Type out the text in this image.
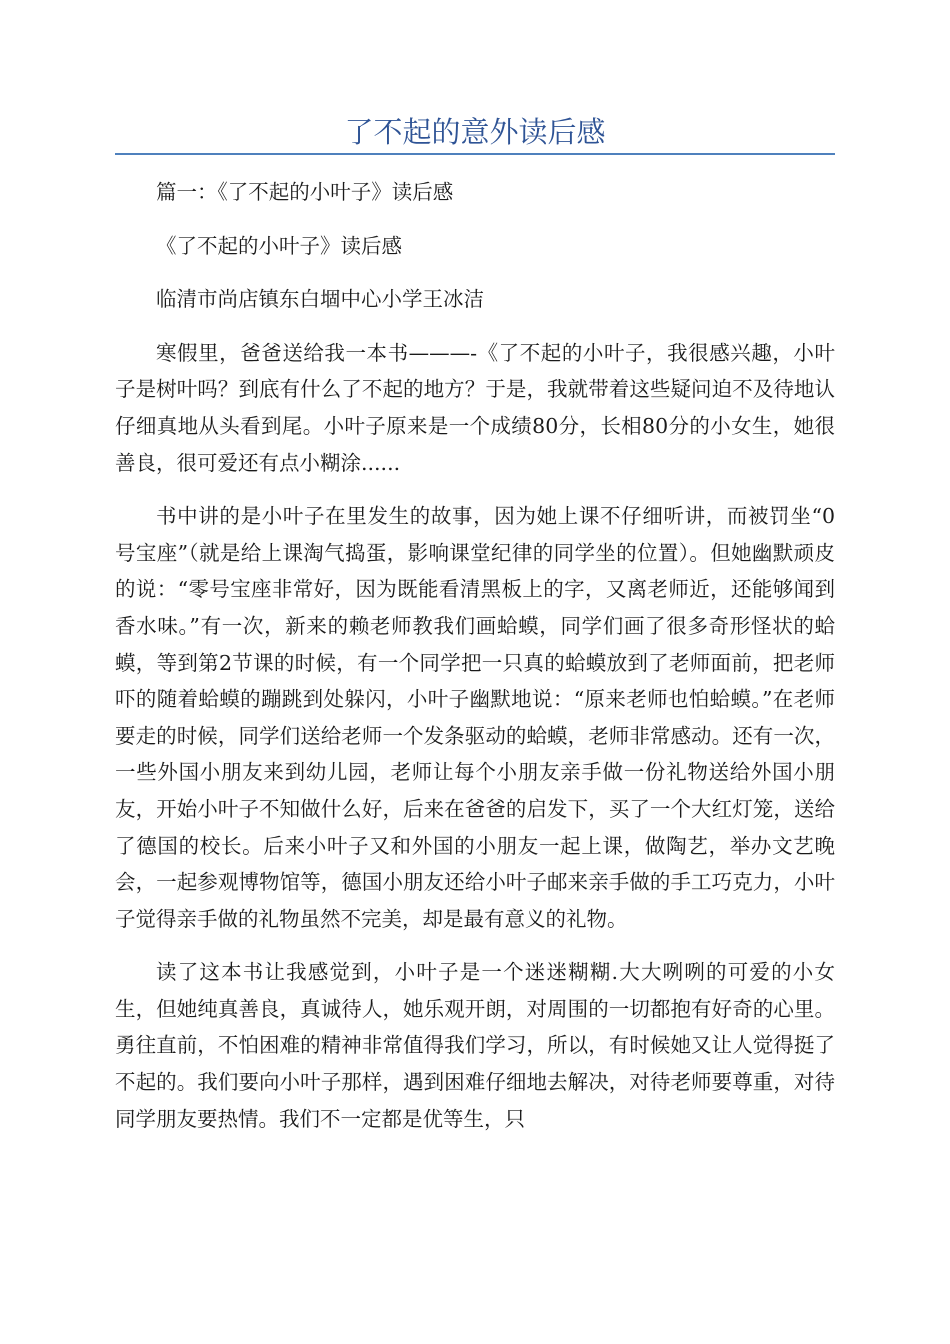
了不起的意外读后感

篇一：《了不起的小叶子》读后感

《了不起的小叶子》读后感

临清市尚店镇东白堌中心小学王冰洁

寒假里，爸爸送给我一本书———-《了不起的小叶子，我很感兴趣，小叶子是树叶吗？到底有什么了不起的地方？于是，我就带着这些疑问迫不及待地认仔细真地从头看到尾。小叶子原来是一个成绩80分，长相80分的小女生，她很善良，很可爱还有点小糊涂......

书中讲的是小叶子在里发生的故事，因为她上课不仔细听讲，而被罚坐“0号宝座”（就是给上课淘气捣蛋，影响课堂纪律的同学坐的位置）。但她幽默顽皮的说：“零号宝座非常好，因为既能看清黑板上的字，又离老师近，还能够闻到香水味。”有一次，新来的赖老师教我们画蛤蟆，同学们画了很多奇形怪状的蛤蟆，等到第2节课的时候，有一个同学把一只真的蛤蟆放到了老师面前，把老师吓的随着蛤蟆的蹦跳到处躲闪，小叶子幽默地说：“原来老师也怕蛤蟆。”在老师要走的时候，同学们送给老师一个发条驱动的蛤蟆，老师非常感动。还有一次，一些外国小朋友来到幼儿园，老师让每个小朋友亲手做一份礼物送给外国小朋友，开始小叶子不知做什么好，后来在爸爸的启发下，买了一个大红灯笼，送给了德国的校长。后来小叶子又和外国的小朋友一起上课，做陶艺，举办文艺晚会，一起参观博物馆等，德国小朋友还给小叶子邮来亲手做的手工巧克力，小叶子觉得亲手做的礼物虽然不完美，却是最有意义的礼物。

读了这本书让我感觉到，小叶子是一个迷迷糊糊.大大咧咧的可爱的小女生，但她纯真善良，真诚待人，她乐观开朗，对周围的一切都抱有好奇的心里。勇往直前，不怕困难的精神非常值得我们学习，所以，有时候她又让人觉得挺了不起的。我们要向小叶子那样，遇到困难仔细地去解决，对待老师要尊重，对待同学朋友要热情。我们不一定都是优等生，只
